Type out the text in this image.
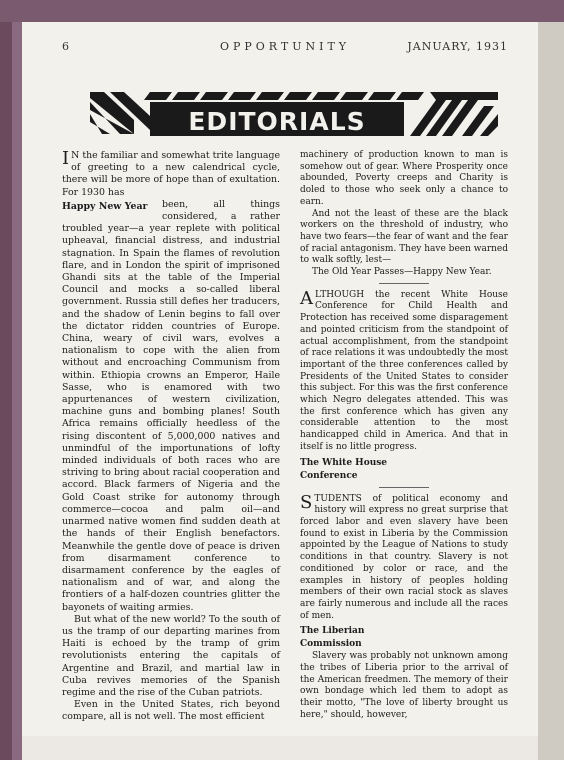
6	OPPORTUNITY	JANUARY, 1931
EDITORIALS

I N the familiar and somewhat trite language of greeting to a new calendrical cycle, there will be more of hope than of exultation. For 1930 has

Happy New Year	been, all things considered, a rather troubled year—a year replete with political upheaval, financial distress, and industrial stagnation. In Spain the flames of revolution flare, and in London the spirit of imprisoned Ghandi sits at the table of the Imperial Council and mocks a so-called liberal government. Russia still defies her traducers, and the shadow of Lenin begins to fall over the dictator ridden countries of Europe. China, weary of civil wars, evolves a nationalism to cope with the alien from without and encroaching Communism from within. Ethiopia crowns an Emperor, Haile Sasse, who is enamored with two appurtenances of western civilization, machine guns and bombing planes! South Africa remains officially heedless of the rising discontent of 5,000,000 natives and unmindful of the importunations of lofty minded individuals of both races who are striving to bring about racial cooperation and accord. Black farmers of Nigeria and the Gold Coast strike for autonomy through commerce—cocoa and palm oil—and unarmed native women find sudden death at the hands of their English benefactors. Meanwhile the gentle dove of peace is driven from disarmament conference to disarmament conference by the eagles of nationalism and of war, and along the frontiers of a half-dozen countries glitter the bayonets of waiting armies.

But what of the new world? To the south of us the tramp of our departing marines from Haiti is echoed by the tramp of grim revolutionists entering the capitals of Argentine and Brazil, and martial law in Cuba revives memories of the Spanish regime and the rise of the Cuban patriots.

Even in the United States, rich beyond compare, all is not well. The most efficient

machinery of production known to man is somehow out of gear. Where Prosperity once abounded, Poverty creeps and Charity is doled to those who seek only a chance to earn.

And not the least of these are the black workers on the threshold of industry, who have two fears—the fear of want and the fear of racial antagonism. They have been warned to walk softly, lest—

The Old Year Passes—Happy New Year.

ALTHOUGH the recent White House Conference for Child Health and Protection has received some disparagement and pointed criticism from the standpoint of actual accomplishment, from the standpoint of race relations it was undoubtedly the most important of the three conferences called by Presidents of the United States to consider this subject. For this was the first conference which Negro delegates attended. This was the first conference which has given any considerable attention to the most handicapped child in America. And that in itself is no little progress.

The White House
Conference

STUDENTS of political economy and history will express no great surprise that forced labor and even slavery have been found to exist in Liberia by the Commission appointed by the League of Nations to study conditions in that country. Slavery is not conditioned by color or race, and the examples in history of peoples holding members of their own racial stock as slaves are fairly numerous and include all the races of men.

The Liberian
Commission

Slavery was probably not unknown among the tribes of Liberia prior to the arrival of the American freedmen. The memory of their own bondage which led them to adopt as their motto, "The love of liberty brought us here," should, however,
